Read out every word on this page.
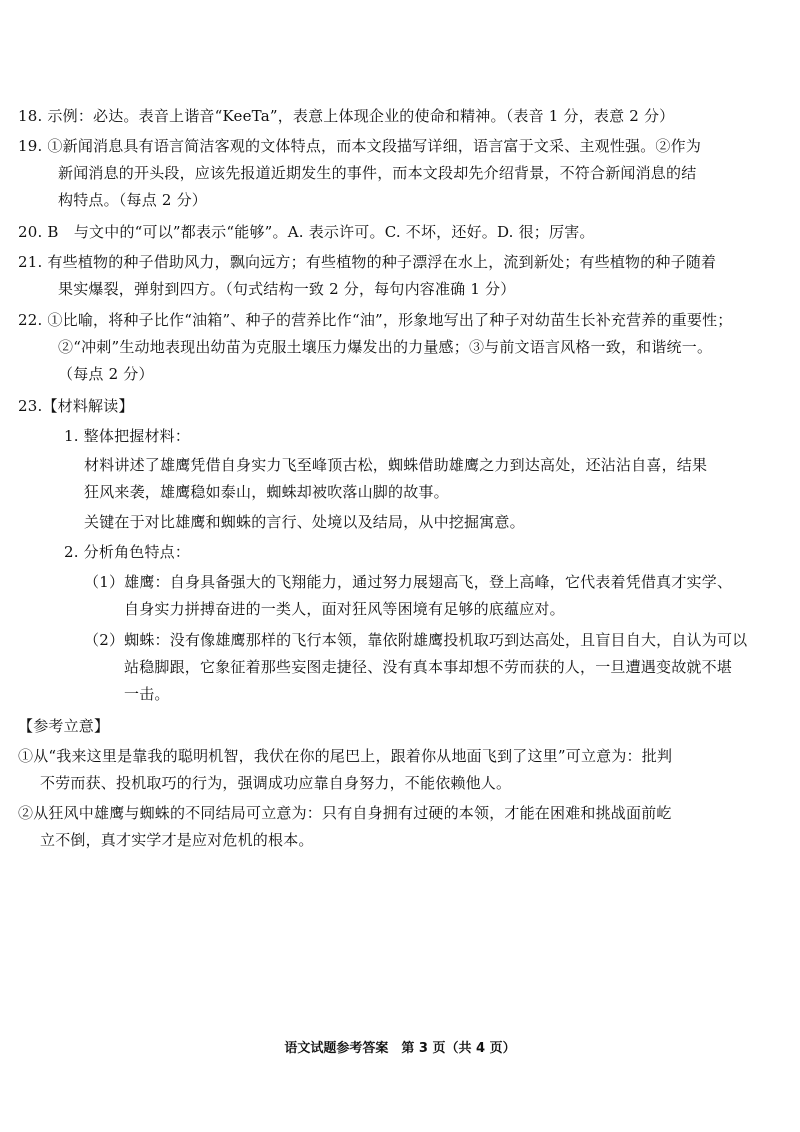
18. 示例：必达。表音上谐音“KeeTa”，表意上体现企业的使命和精神。（表音 1 分，表意 2 分）
19. ①新闻消息具有语言简洁客观的文体特点，而本文段描写详细，语言富于文采、主观性强。②作为
新闻消息的开头段，应该先报道近期发生的事件，而本文段却先介绍背景，不符合新闻消息的结
构特点。（每点 2 分）
20. B　与文中的“可以”都表示“能够”。A. 表示许可。C. 不坏，还好。D. 很；厉害。
21. 有些植物的种子借助风力，飘向远方；有些植物的种子漂浮在水上，流到新处；有些植物的种子随着
果实爆裂，弹射到四方。（句式结构一致 2 分，每句内容准确 1 分）
22. ①比喻，将种子比作“油箱”、种子的营养比作“油”，形象地写出了种子对幼苗生长补充营养的重要性；
②“冲刺”生动地表现出幼苗为克服土壤压力爆发出的力量感；③与前文语言风格一致，和谐统一。
（每点 2 分）
23.【材料解读】
1. 整体把握材料：
材料讲述了雄鹰凭借自身实力飞至峰顶古松，蜘蛛借助雄鹰之力到达高处，还沾沾自喜，结果
狂风来袭，雄鹰稳如泰山，蜘蛛却被吹落山脚的故事。
关键在于对比雄鹰和蜘蛛的言行、处境以及结局，从中挖掘寓意。
2. 分析角色特点：
（1）雄鹰：自身具备强大的飞翔能力，通过努力展翅高飞，登上高峰，它代表着凭借真才实学、
自身实力拼搏奋进的一类人，面对狂风等困境有足够的底蕴应对。
（2）蜘蛛：没有像雄鹰那样的飞行本领，靠依附雄鹰投机取巧到达高处，且盲目自大，自认为可以
站稳脚跟，它象征着那些妄图走捷径、没有真本事却想不劳而获的人，一旦遭遇变故就不堪
一击。
【参考立意】
①从“我来这里是靠我的聪明机智，我伏在你的尾巴上，跟着你从地面飞到了这里”可立意为：批判
不劳而获、投机取巧的行为，强调成功应靠自身努力，不能依赖他人。
②从狂风中雄鹰与蜘蛛的不同结局可立意为：只有自身拥有过硬的本领，才能在困难和挑战面前屹
立不倒，真才实学才是应对危机的根本。
语文试题参考答案　第 3 页（共 4 页）
